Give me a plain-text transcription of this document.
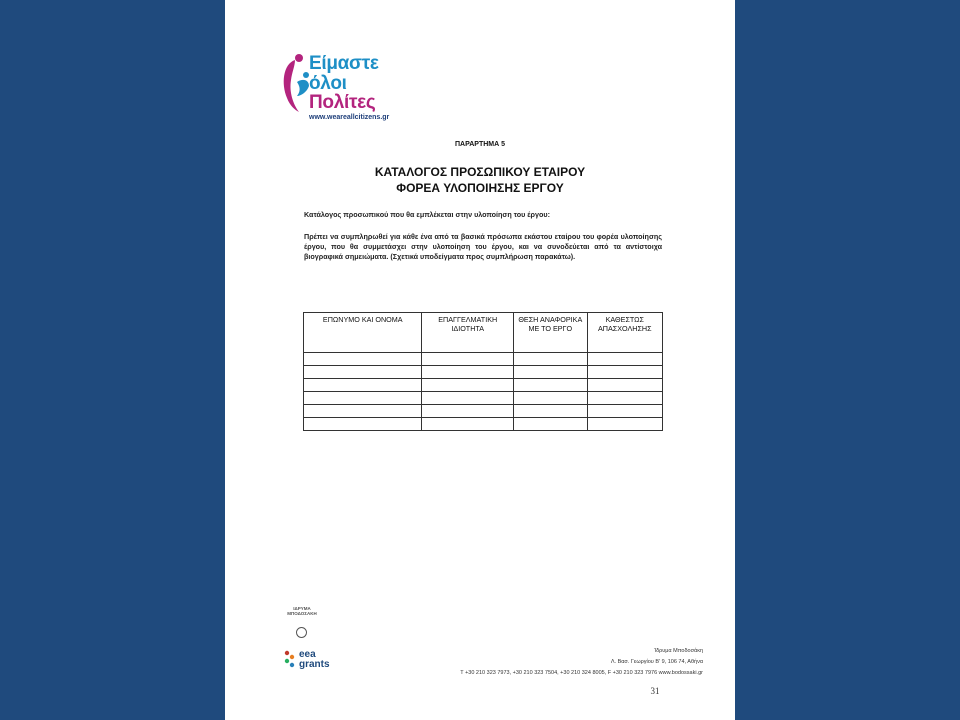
Είμαστε
όλοι
Πολίτες
www.weareallcitizens.gr
ΠΑΡΑΡΤΗΜΑ 5
ΚΑΤΑΛΟΓΟΣ ΠΡΟΣΩΠΙΚΟΥ ΕΤΑΙΡΟΥ
ΦΟΡΕΑ ΥΛΟΠΟΙΗΣΗΣ ΕΡΓΟΥ
Κατάλογος προσωπικού που θα εμπλέκεται στην υλοποίηση του έργου:
Πρέπει να συμπληρωθεί για κάθε ένα από τα βασικά πρόσωπα εκάστου εταίρου του φορέα υλοποίησης έργου, που θα συμμετάσχει στην υλοποίηση του έργου, και να συνοδεύεται από τα αντίστοιχα βιογραφικά σημειώματα. (Σχετικά υποδείγματα προς συμπλήρωση παρακάτω).
ΕΠΩΝΥΜΟ ΚΑΙ ΟΝΟΜΑ	ΕΠΑΓΓΕΛΜΑΤΙΚΗ ΙΔΙΟΤΗΤΑ	ΘΕΣΗ ΑΝΑΦΟΡΙΚΑ ΜΕ ΤΟ ΕΡΓΟ	ΚΑΘΕΣΤΩΣ ΑΠΑΣΧΟΛΗΣΗΣ

ΙΔΡΥΜΑ ΜΠΟΔΟΣΑΚΗ
eea
grants
Ίδρυμα Μποδοσάκη
Λ. Βασ. Γεωργίου Β' 9, 106 74, Αθήνα
T +30 210 323 7973, +30 210 323 7504, +30 210 324 8005, F +30 210 323 7976 www.bodossaki.gr
31
